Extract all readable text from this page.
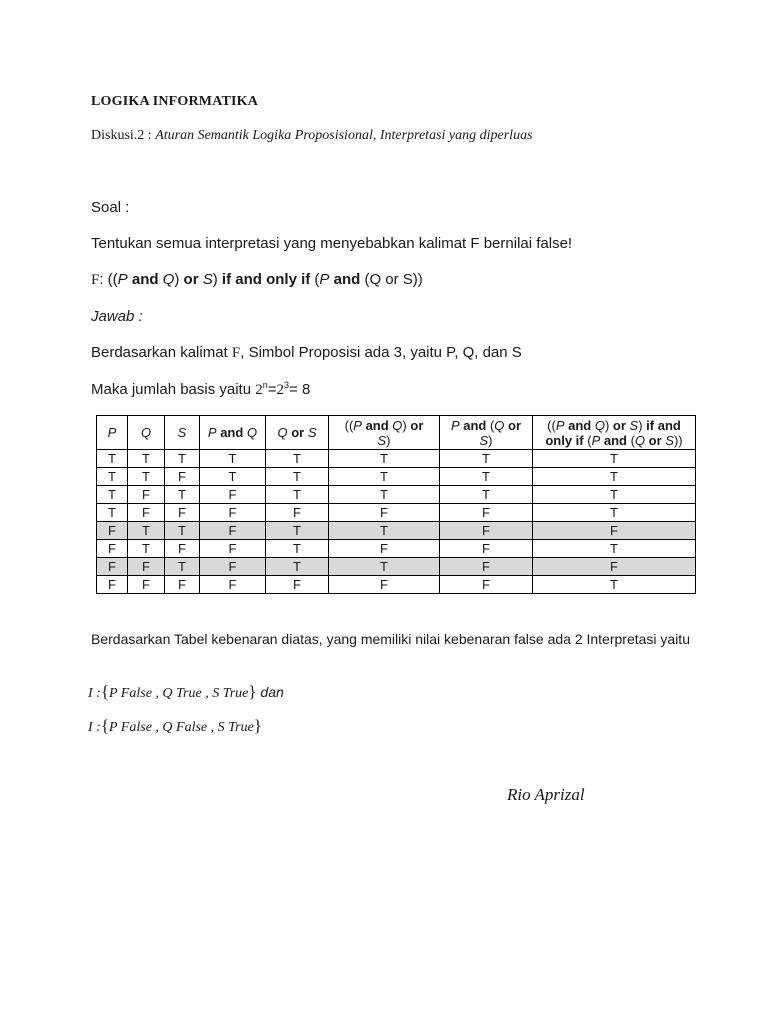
LOGIKA INFORMATIKA
Diskusi.2 : Aturan Semantik Logika Proposisional, Interpretasi yang diperluas
Soal :
Tentukan semua interpretasi yang menyebabkan kalimat F bernilai false!
F: ((P and Q) or S) if and only if (P and (Q or S))
Jawab :
Berdasarkan kalimat F, Simbol Proposisi ada 3, yaitu P, Q, dan S
Maka jumlah basis yaitu $2^n=2^3= 8$
P	Q	S	P and Q	Q or S	((P and Q) or
S)	P and (Q or
S)	((P and Q) or S) if and
only if (P and (Q or S))
T	T	T	T	T	T	T	T
T	T	F	T	T	T	T	T
T	F	T	F	T	T	T	T
T	F	F	F	F	F	F	T
F	T	T	F	T	T	F	F
F	T	F	F	T	F	F	T
F	F	T	F	T	T	F	F
F	F	F	F	F	F	F	T
Berdasarkan Tabel kebenaran diatas, yang memiliki nilai kebenaran false ada 2 Interpretasi yaitu
I :{P False , Q True , S True} dan
I :{P False , Q False , S True}
Rio Aprizal
